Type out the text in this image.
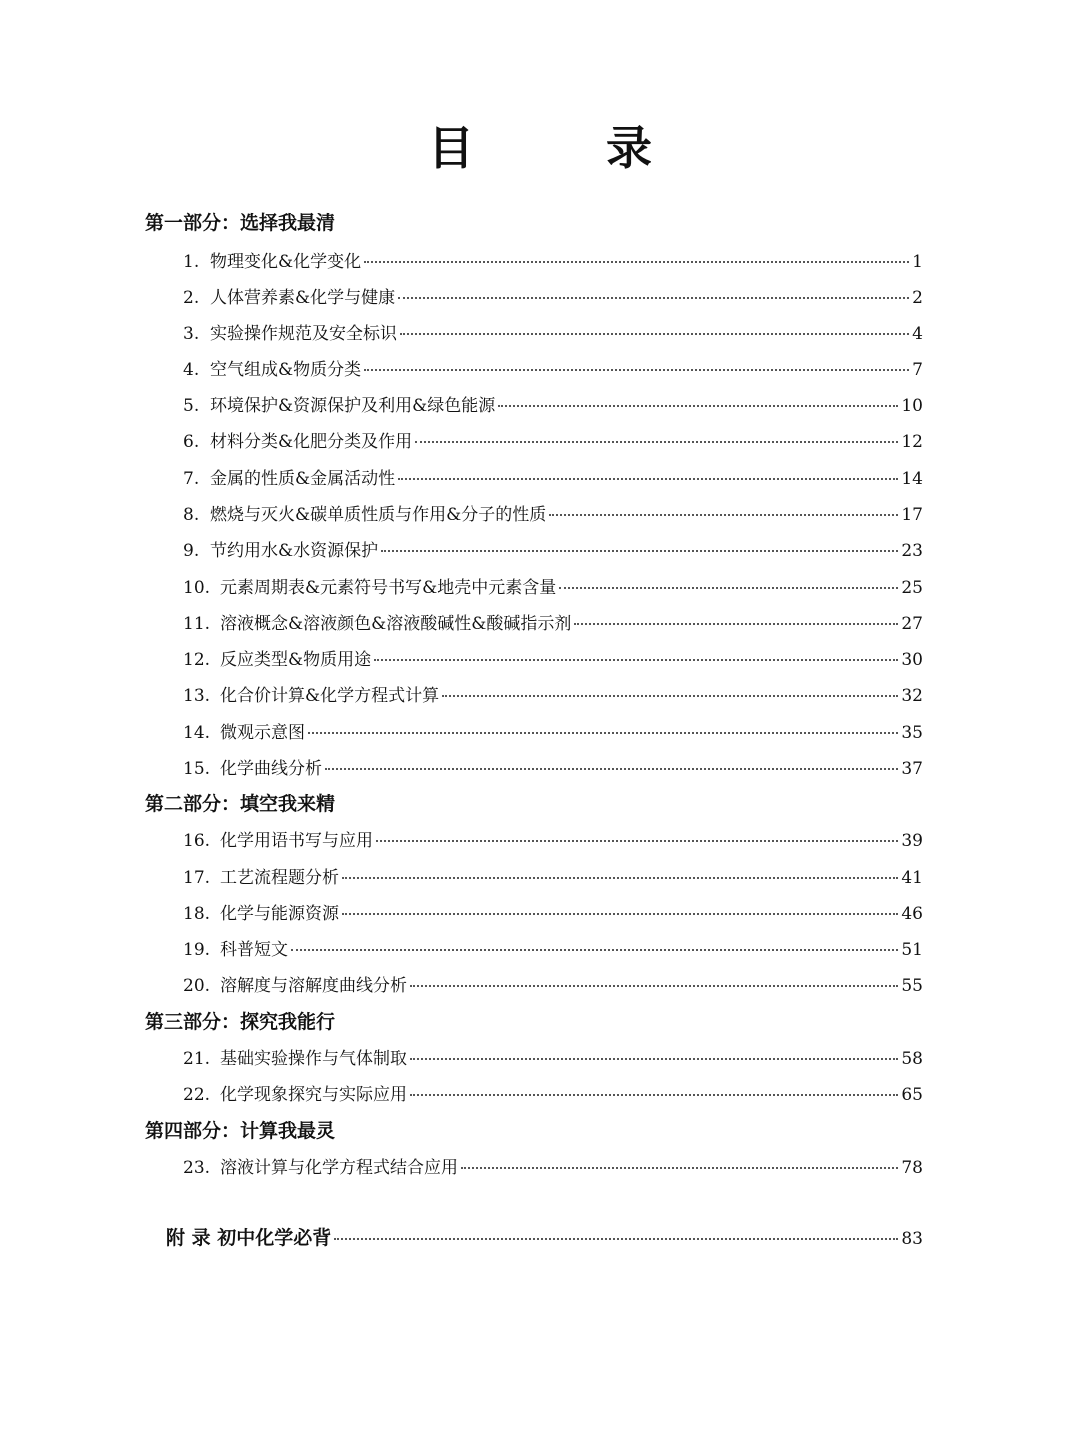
目 录
第一部分：选择我最清
1. 物理变化&化学变化	1
2. 人体营养素&化学与健康	2
3. 实验操作规范及安全标识	4
4. 空气组成&物质分类	7
5. 环境保护&资源保护及利用&绿色能源	10
6. 材料分类&化肥分类及作用	12
7. 金属的性质&金属活动性	14
8. 燃烧与灭火&碳单质性质与作用&分子的性质	17
9. 节约用水&水资源保护	23
10. 元素周期表&元素符号书写&地壳中元素含量	25
11. 溶液概念&溶液颜色&溶液酸碱性&酸碱指示剂	27
12. 反应类型&物质用途	30
13. 化合价计算&化学方程式计算	32
14. 微观示意图	35
15. 化学曲线分析	37
第二部分：填空我来精
16. 化学用语书写与应用	39
17. 工艺流程题分析	41
18. 化学与能源资源	46
19. 科普短文	51
20. 溶解度与溶解度曲线分析	55
第三部分：探究我能行
21. 基础实验操作与气体制取	58
22. 化学现象探究与实际应用	65
第四部分：计算我最灵
23. 溶液计算与化学方程式结合应用	78
附 录 初中化学必背	83
